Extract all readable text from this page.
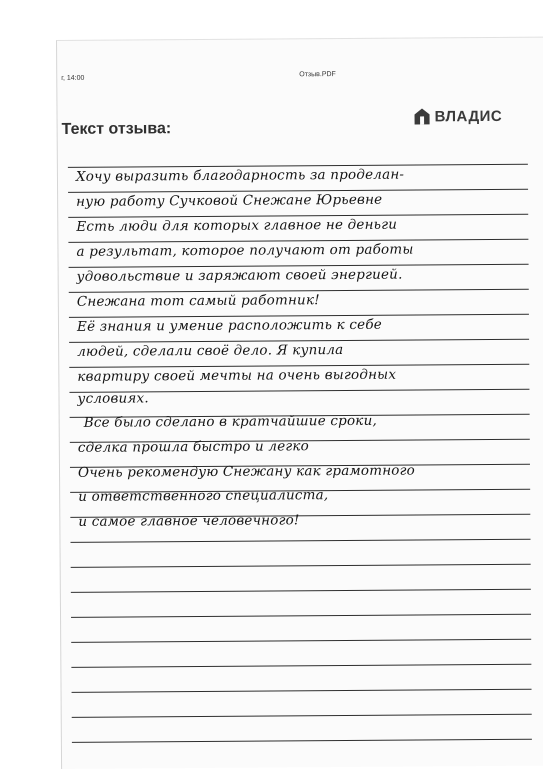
г, 14:00
Отзыв.PDF
Текст отзыва:
ВЛАДИС
Хочу выразить благодарность за проделан-
ную работу Сучковой Снежане Юрьевне
Есть люди для которых главное не деньги
а результат, которое получают от работы
удовольствие и заряжают своей энергией.
Снежана тот самый работник!
Её знания и умение расположить к себе
людей, сделали своё дело. Я купила
квартиру своей мечты на очень выгодных
условиях.
Все было сделано в кратчайшие сроки,
сделка прошла быстро и легко
Очень рекомендую Снежану как грамотного
и ответственного специалиста,
и самое главное человечного!
